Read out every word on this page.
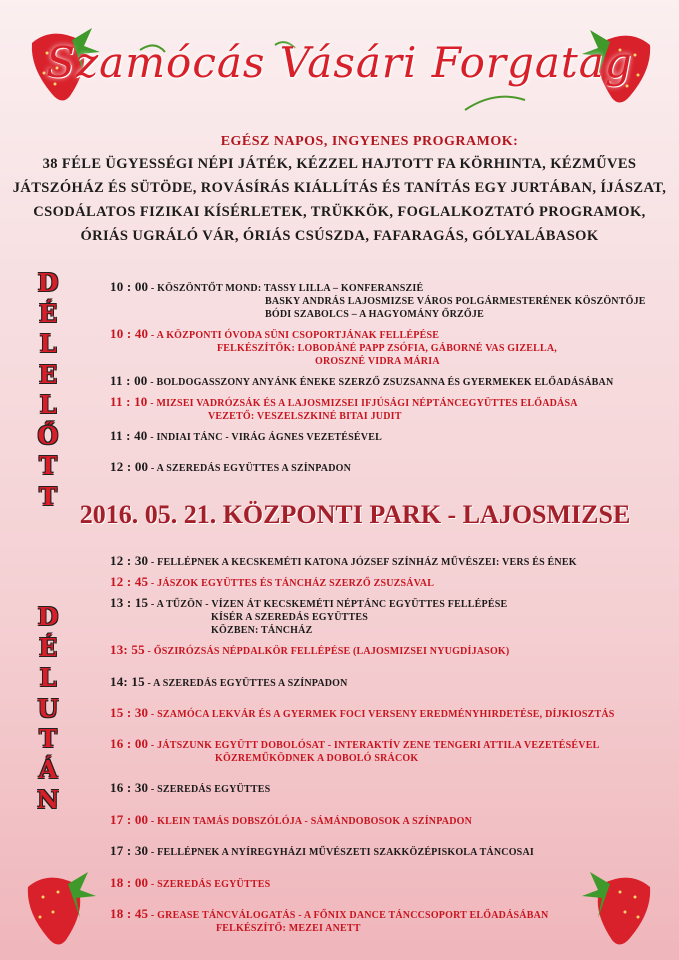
Szamócás Vásári Forgatag
EGÉSZ NAPOS, INGYENES PROGRAMOK:
38 FÉLE ÜGYESSÉGI NÉPI JÁTÉK, KÉZZEL HAJTOTT FA KÖRHINTA, KÉZMŰVES
JÁTSZÓHÁZ ÉS SÜTÖDE, ROVÁSÍRÁS KIÁLLÍTÁS ÉS TANÍTÁS EGY JURTÁBAN, ÍJÁSZAT,
CSODÁLATOS FIZIKAI KÍSÉRLETEK, TRÜKKÖK, FOGLALKOZTATÓ PROGRAMOK,
ÓRIÁS UGRÁLÓ VÁR, ÓRIÁS CSÚSZDA, FAFARAGÁS, GÓLYALÁBASOK
D
É
L
E
L
Ő
T
T
D
É
L
U
T
Á
N
2016. 05. 21. KÖZPONTI PARK - LAJOSMIZSE
10 : 00 - KÖSZÖNTŐT MOND: TASSY LILLA – KONFERANSZIÉ
BASKY ANDRÁS LAJOSMIZSE VÁROS POLGÁRMESTERÉNEK KÖSZÖNTŐJE
BÓDI SZABOLCS – A HAGYOMÁNY ŐRZŐJE
10 : 40 - A KÖZPONTI ÓVODA SÜNI CSOPORTJÁNAK FELLÉPÉSE
FELKÉSZÍTŐK: LOBODÁNÉ PAPP ZSÓFIA, GÁBORNÉ VAS GIZELLA,
OROSZNÉ VIDRA MÁRIA
11 : 00 - BOLDOGASSZONY ANYÁNK ÉNEKE SZERZŐ ZSUZSANNA ÉS GYERMEKEK ELŐADÁSÁBAN
11 : 10 - MIZSEI VADRÓZSÁK ÉS A LAJOSMIZSEI IFJÚSÁGI NÉPTÁNCEGYÜTTES ELŐADÁSA
VEZETŐ: VESZELSZKINÉ BITAI JUDIT
11 : 40 - INDIAI TÁNC - VIRÁG ÁGNES VEZETÉSÉVEL
12 : 00 - A SZEREDÁS EGYÜTTES A SZÍNPADON
12 : 30 - FELLÉPNEK A KECSKEMÉTI KATONA JÓZSEF SZÍNHÁZ MŰVÉSZEI: VERS ÉS ÉNEK
12 : 45 - JÁSZOK EGYÜTTES ÉS TÁNCHÁZ SZERZŐ ZSUZSÁVAL
13 : 15 - A TŰZÖN - VÍZEN ÁT KECSKEMÉTI NÉPTÁNC EGYÜTTES FELLÉPÉSE
KÍSÉR A SZEREDÁS EGYÜTTES
KÖZBEN: TÁNCHÁZ
13: 55 - ŐSZIRÓZSÁS NÉPDALKÖR FELLÉPÉSE (LAJOSMIZSEI NYUGDÍJASOK)
14: 15 - A SZEREDÁS EGYÜTTES A SZÍNPADON
15 : 30 - SZAMÓCA LEKVÁR ÉS A GYERMEK FOCI VERSENY EREDMÉNYHIRDETÉSE, DÍJKIOSZTÁS
16 : 00 - JÁTSZUNK EGYÜTT DOBOLÓSAT - INTERAKTÍV ZENE TENGERI ATTILA VEZETÉSÉVEL
KÖZREMŰKÖDNEK A DOBOLÓ SRÁCOK
16 : 30 - SZEREDÁS EGYÜTTES
17 : 00 - KLEIN TAMÁS DOBSZÓLÓJA - SÁMÁNDOBOSOK A SZÍNPADON
17 : 30 - FELLÉPNEK A NYÍREGYHÁZI MŰVÉSZETI SZAKKÖZÉPISKOLA TÁNCOSAI
18 : 00 - SZEREDÁS EGYÜTTES
18 : 45 - GREASE TÁNCVÁLOGATÁS - A FŐNIX DANCE TÁNCCSOPORT ELŐADÁSÁBAN
FELKÉSZÍTŐ: MEZEI ANETT
